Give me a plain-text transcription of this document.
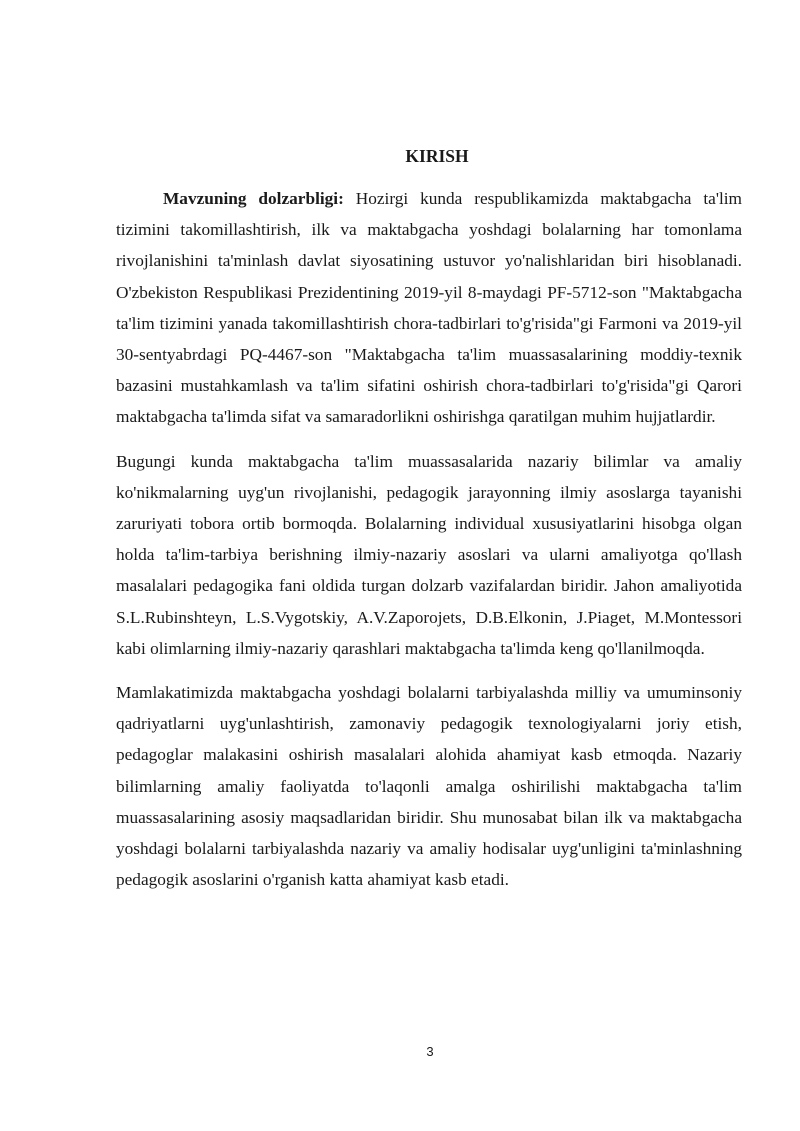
KIRISH

Mavzuning dolzarbligi: Hozirgi kunda respublikamizda maktabgacha ta'lim tizimini takomillashtirish, ilk va maktabgacha yoshdagi bolalarning har tomonlama rivojlanishini ta'minlash davlat siyosatining ustuvor yo'nalishlaridan biri hisoblanadi. O'zbekiston Respublikasi Prezidentining 2019-yil 8-maydagi PF-5712-son "Maktabgacha ta'lim tizimini yanada takomillashtirish chora-tadbirlari to'g'risida"gi Farmoni va 2019-yil 30-sentyabrdagi PQ-4467-son "Maktabgacha ta'lim muassasalarining moddiy-texnik bazasini mustahkamlash va ta'lim sifatini oshirish chora-tadbirlari to'g'risida"gi Qarori maktabgacha ta'limda sifat va samaradorlikni oshirishga qaratilgan muhim hujjatlardir.

Bugungi kunda maktabgacha ta'lim muassasalarida nazariy bilimlar va amaliy ko'nikmalarning uyg'un rivojlanishi, pedagogik jarayonning ilmiy asoslarga tayanishi zaruriyati tobora ortib bormoqda. Bolalarning individual xususiyatlarini hisobga olgan holda ta'lim-tarbiya berishning ilmiy-nazariy asoslari va ularni amaliyotga qo'llash masalalari pedagogika fani oldida turgan dolzarb vazifalardan biridir. Jahon amaliyotida S.L.Rubinshteyn, L.S.Vygotskiy, A.V.Zaporojets, D.B.Elkonin, J.Piaget, M.Montessori kabi olimlarning ilmiy-nazariy qarashlari maktabgacha ta'limda keng qo'llanilmoqda.

Mamlakatimizda maktabgacha yoshdagi bolalarni tarbiyalashda milliy va umuminsoniy qadriyatlarni uyg'unlashtirish, zamonaviy pedagogik texnologiyalarni joriy etish, pedagoglar malakasini oshirish masalalari alohida ahamiyat kasb etmoqda. Nazariy bilimlarning amaliy faoliyatda to'laqonli amalga oshirilishi maktabgacha ta'lim muassasalarining asosiy maqsadlaridan biridir. Shu munosabat bilan ilk va maktabgacha yoshdagi bolalarni tarbiyalashda nazariy va amaliy hodisalar uyg'unligini ta'minlashning pedagogik asoslarini o'rganish katta ahamiyat kasb etadi.

3
